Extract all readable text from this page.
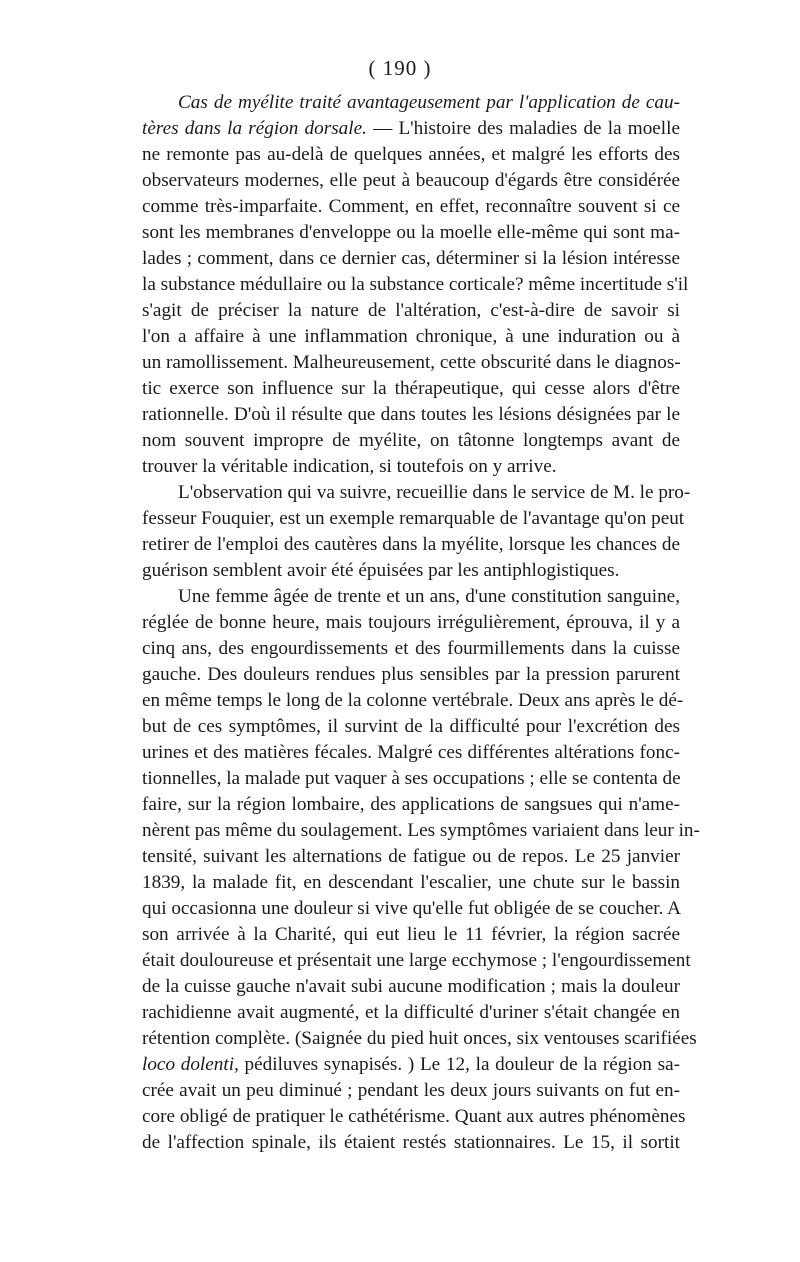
( 190 )
Cas de myélite traité avantageusement par l'application de cau-
tères dans la région dorsale. — L'histoire des maladies de la moelle
ne remonte pas au-delà de quelques années, et malgré les efforts des
observateurs modernes, elle peut à beaucoup d'égards être considérée
comme très-imparfaite. Comment, en effet, reconnaître souvent si ce
sont les membranes d'enveloppe ou la moelle elle-même qui sont ma-
lades ; comment, dans ce dernier cas, déterminer si la lésion intéresse
la substance médullaire ou la substance corticale? même incertitude s'il
s'agit de préciser la nature de l'altération, c'est-à-dire de savoir si
l'on a affaire à une inflammation chronique, à une induration ou à
un ramollissement. Malheureusement, cette obscurité dans le diagnos-
tic exerce son influence sur la thérapeutique, qui cesse alors d'être
rationnelle. D'où il résulte que dans toutes les lésions désignées par le
nom souvent impropre de myélite, on tâtonne longtemps avant de
trouver la véritable indication, si toutefois on y arrive.
L'observation qui va suivre, recueillie dans le service de M. le pro-
fesseur Fouquier, est un exemple remarquable de l'avantage qu'on peut
retirer de l'emploi des cautères dans la myélite, lorsque les chances de
guérison semblent avoir été épuisées par les antiphlogistiques.
Une femme âgée de trente et un ans, d'une constitution sanguine,
réglée de bonne heure, mais toujours irrégulièrement, éprouva, il y a
cinq ans, des engourdissements et des fourmillements dans la cuisse
gauche. Des douleurs rendues plus sensibles par la pression parurent
en même temps le long de la colonne vertébrale. Deux ans après le dé-
but de ces symptômes, il survint de la difficulté pour l'excrétion des
urines et des matières fécales. Malgré ces différentes altérations fonc-
tionnelles, la malade put vaquer à ses occupations ; elle se contenta de
faire, sur la région lombaire, des applications de sangsues qui n'ame-
nèrent pas même du soulagement. Les symptômes variaient dans leur in-
tensité, suivant les alternations de fatigue ou de repos. Le 25 janvier
1839, la malade fit, en descendant l'escalier, une chute sur le bassin
qui occasionna une douleur si vive qu'elle fut obligée de se coucher. A
son arrivée à la Charité, qui eut lieu le 11 février, la région sacrée
était douloureuse et présentait une large ecchymose ; l'engourdissement
de la cuisse gauche n'avait subi aucune modification ; mais la douleur
rachidienne avait augmenté, et la difficulté d'uriner s'était changée en
rétention complète. (Saignée du pied huit onces, six ventouses scarifiées
loco dolenti, pédiluves synapisés. ) Le 12, la douleur de la région sa-
crée avait un peu diminué ; pendant les deux jours suivants on fut en-
core obligé de pratiquer le cathétérisme. Quant aux autres phénomènes
de l'affection spinale, ils étaient restés stationnaires. Le 15, il sortit
